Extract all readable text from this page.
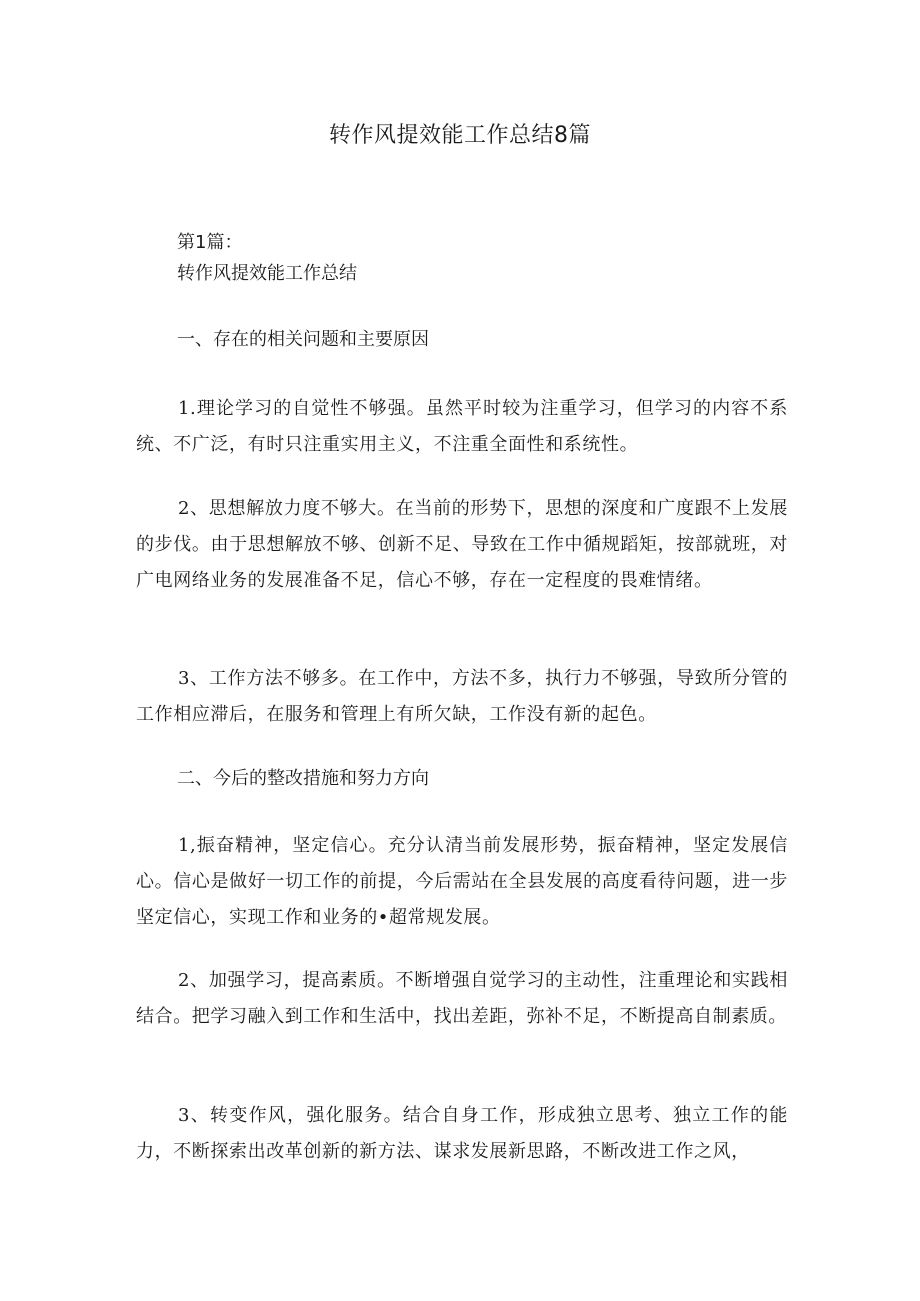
转作风提效能工作总结8篇

第1篇：

转作风提效能工作总结

一、存在的相关问题和主要原因

1.理论学习的自觉性不够强。虽然平时较为注重学习，但学习的内容不系统、不广泛，有时只注重实用主义，不注重全面性和系统性。

2、思想解放力度不够大。在当前的形势下，思想的深度和广度跟不上发展的步伐。由于思想解放不够、创新不足、导致在工作中循规蹈矩，按部就班，对广电网络业务的发展准备不足，信心不够，存在一定程度的畏难情绪。

3、工作方法不够多。在工作中，方法不多，执行力不够强，导致所分管的工作相应滞后，在服务和管理上有所欠缺，工作没有新的起色。

二、今后的整改措施和努力方向

1,振奋精神，坚定信心。充分认清当前发展形势，振奋精神，坚定发展信心。信心是做好一切工作的前提，今后需站在全县发展的高度看待问题，进一步坚定信心，实现工作和业务的•超常规发展。

2、加强学习，提高素质。不断增强自觉学习的主动性，注重理论和实践相结合。把学习融入到工作和生活中，找出差距，弥补不足，不断提高自制素质。

3、转变作风，强化服务。结合自身工作，形成独立思考、独立工作的能力，不断探索出改革创新的新方法、谋求发展新思路，不断改进工作之风，
